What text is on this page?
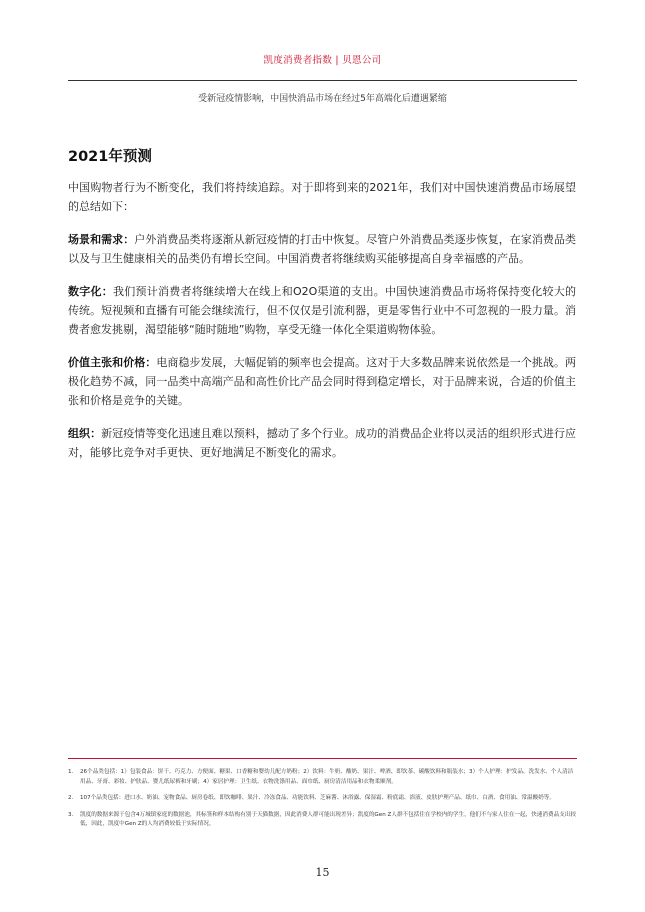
凯度消费者指数 | 贝恩公司
受新冠疫情影响，中国快消品市场在经过5年高端化后遭遇紧缩
2021年预测

中国购物者行为不断变化，我们将持续追踪。对于即将到来的2021年，我们对中国快速消费品市场展望的总结如下：

场景和需求：户外消费品类将逐渐从新冠疫情的打击中恢复。尽管户外消费品类逐步恢复，在家消费品类以及与卫生健康相关的品类仍有增长空间。中国消费者将继续购买能够提高自身幸福感的产品。

数字化：我们预计消费者将继续增大在线上和O2O渠道的支出。中国快速消费品市场将保持变化较大的传统。短视频和直播有可能会继续流行，但不仅仅是引流利器，更是零售行业中不可忽视的一股力量。消费者愈发挑剔，渴望能够“随时随地”购物，享受无缝一体化全渠道购物体验。

价值主张和价格：电商稳步发展，大幅促销的频率也会提高。这对于大多数品牌来说依然是一个挑战。两极化趋势不减，同一品类中高端产品和高性价比产品会同时得到稳定增长，对于品牌来说，合适的价值主张和价格是竞争的关键。

组织：新冠疫情等变化迅速且难以预料，撼动了多个行业。成功的消费品企业将以灵活的组织形式进行应对，能够比竞争对手更快、更好地满足不断变化的需求。

1.	26个品类包括：1）包装食品：饼干、巧克力、方便面、糖果、口香糖和婴幼儿配方奶粉；2）饮料：牛奶、酸奶、果汁、啤酒、即饮茶、碳酸饮料和瓶装水；3）个人护理：护发品、洗发水、个人清洁用品、牙膏、彩妆、护肤品、婴儿纸尿裤和牙刷；4）家居护理：卫生纸、衣物洗涤用品、面巾纸、厨房清洁用品和衣物柔顺剂。
2.	107个品类包括：进口水、奶油、宠物食品、厨房卷纸、即饮咖啡、果汁、冷冻食品、功能饮料、芝麻酱、沐浴露、保湿霜、粉底霜、浴液、皮肤护理产品、纸巾、白酒、食用油、常温酸奶等。
3.	凯度的数据来源于包含4万城镇家庭的数据池，其标签和样本结构有别于天猫数据，因此消费人群可能出现差异；凯度的Gen Z人群不包括住在学校内的学生，他们不与家人住在一起，快速消费品支出较低，因此，凯度中Gen Z的人均消费较低于实际情况。
15
